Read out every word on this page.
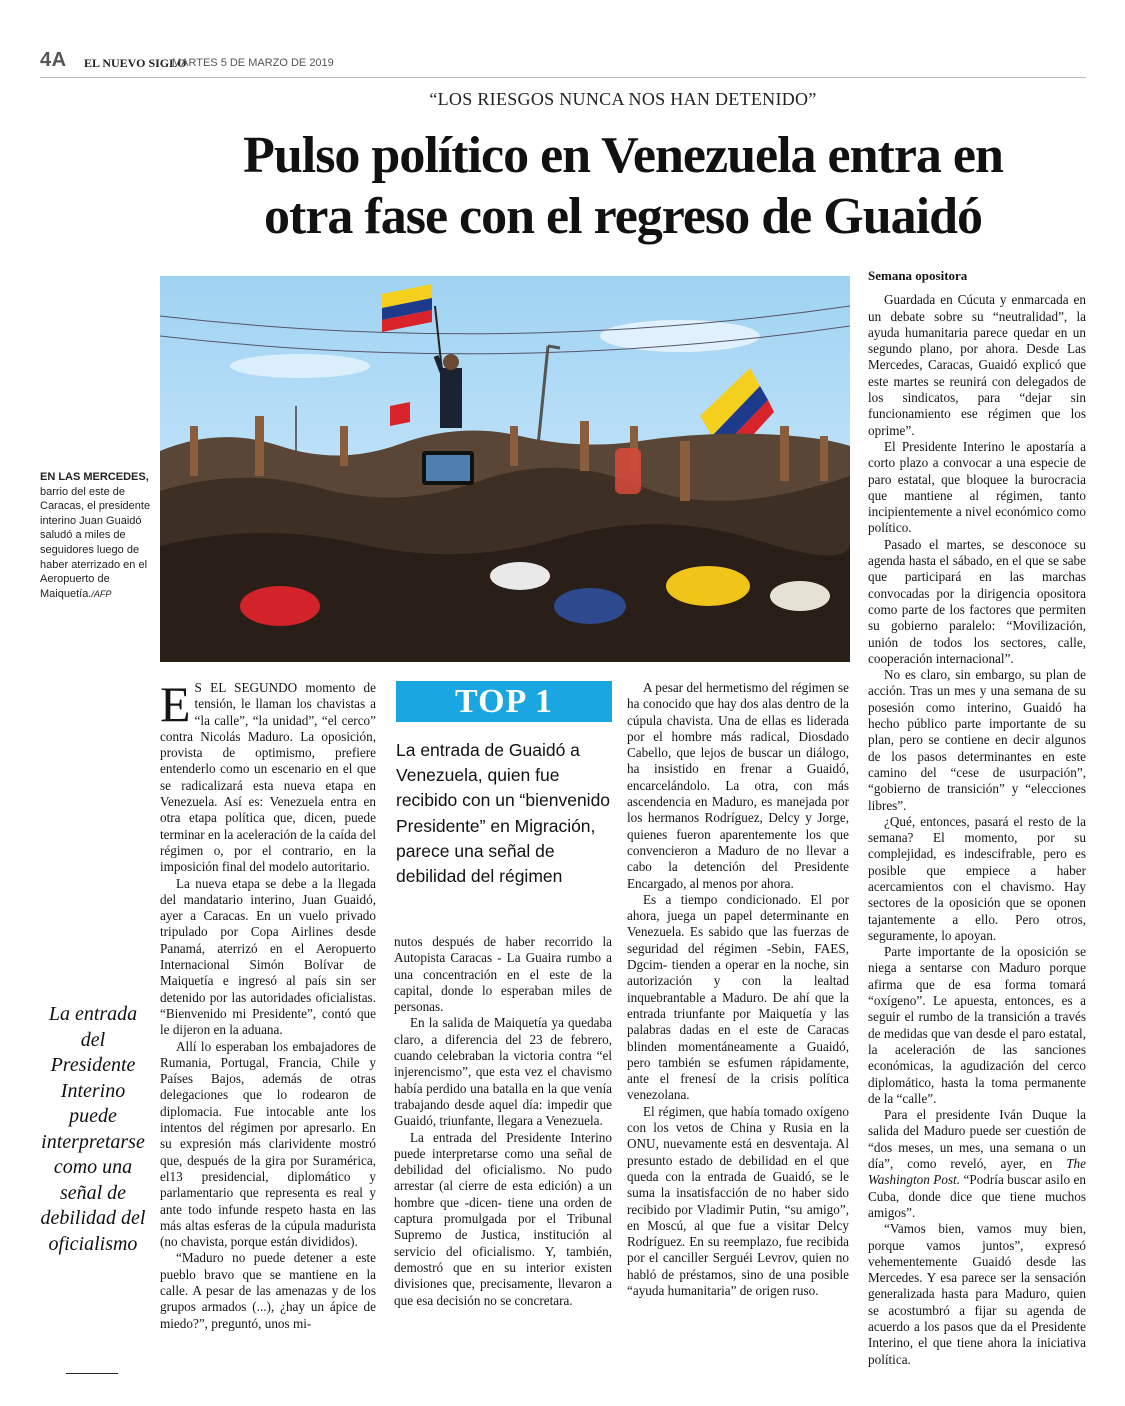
4A EL NUEVO SIGLO
MARTES 5 DE MARZO DE 2019
“LOS RIESGOS NUNCA NOS HAN DETENIDO”
Pulso político en Venezuela entra en
otra fase con el regreso de Guaidó
EN LAS MERCEDES, barrio del este de Caracas, el presidente interino Juan Guaidó saludó a miles de seguidores luego de haber aterrizado en el Aeropuerto de Maiquetía./AFP
La entrada del Presidente Interino puede interpretarse como una señal de debilidad del oficialismo

E S EL SEGUNDO momento de tensión, le llaman los chavistas a “la calle”, “la unidad”, “el cerco” contra Nicolás Maduro. La oposición, provista de optimismo, prefiere entenderlo como un escenario en el que se radicalizará esta nueva etapa en Venezuela. Así es: Venezuela entra en otra etapa política que, dicen, puede terminar en la aceleración de la caída del régimen o, por el contrario, en la imposición final del modelo autoritario.

La nueva etapa se debe a la llegada del mandatario interino, Juan Guaidó, ayer a Caracas. En un vuelo privado tripulado por Copa Airlines desde Panamá, aterrizó en el Aeropuerto Internacional Simón Bolívar de Maiquetía e ingresó al país sin ser detenido por las autoridades oficialistas. “Bienvenido mi Presidente”, contó que le dijeron en la aduana.

Allí lo esperaban los embajadores de Rumania, Portugal, Francia, Chile y Países Bajos, además de otras delegaciones que lo rodearon de diplomacia. Fue intocable ante los intentos del régimen por apresarlo. En su expresión más clarividente mostró que, después de la gira por Suramérica, el13 presidencial, diplomático y parlamentario que representa es real y ante todo infunde respeto hasta en las más altas esferas de la cúpula madurista (no chavista, porque están divididos).

“Maduro no puede detener a este pueblo bravo que se mantiene en la calle. A pesar de las amenazas y de los grupos armados (...), ¿hay un ápice de miedo?”, preguntó, unos mi-

TOP 1
La entrada de Guaidó a Venezuela, quien fue recibido con un “bienvenido Presidente” en Migración, parece una señal de debilidad del régimen

nutos después de haber recorrido la Autopista Caracas - La Guaira rumbo a una concentración en el este de la capital, donde lo esperaban miles de personas.

En la salida de Maiquetía ya quedaba claro, a diferencia del 23 de febrero, cuando celebraban la victoria contra “el injerencismo”, que esta vez el chavismo había perdido una batalla en la que venía trabajando desde aquel día: impedir que Guaidó, triunfante, llegara a Venezuela.

La entrada del Presidente Interino puede interpretarse como una señal de debilidad del oficialismo. No pudo arrestar (al cierre de esta edición) a un hombre que -dicen- tiene una orden de captura promulgada por el Tribunal Supremo de Justica, institución al servicio del oficialismo. Y, también, demostró que en su interior existen divisiones que, precisamente, llevaron a que esa decisión no se concretara.

A pesar del hermetismo del régimen se ha conocido que hay dos alas dentro de la cúpula chavista. Una de ellas es liderada por el hombre más radical, Diosdado Cabello, que lejos de buscar un diálogo, ha insistido en frenar a Guaidó, encarcelándolo. La otra, con más ascendencia en Maduro, es manejada por los hermanos Rodríguez, Delcy y Jorge, quienes fueron aparentemente los que convencieron a Maduro de no llevar a cabo la detención del Presidente Encargado, al menos por ahora.

Es a tiempo condicionado. El por ahora, juega un papel determinante en Venezuela. Es sabido que las fuerzas de seguridad del régimen -Sebin, FAES, Dgcim- tienden a operar en la noche, sin autorización y con la lealtad inquebrantable a Maduro. De ahí que la entrada triunfante por Maiquetía y las palabras dadas en el este de Caracas blinden momentáneamente a Guaidó, pero también se esfumen rápidamente, ante el frenesí de la crisis política venezolana.

El régimen, que había tomado oxígeno con los vetos de China y Rusia en la ONU, nuevamente está en desventaja. Al presunto estado de debilidad en el que queda con la entrada de Guaidó, se le suma la insatisfacción de no haber sido recibido por Vladimir Putin, “su amigo”, en Moscú, al que fue a visitar Delcy Rodríguez. En su reemplazo, fue recibida por el canciller Serguéi Levrov, quien no habló de préstamos, sino de una posible “ayuda humanitaria” de origen ruso.

Semana opositora

Guardada en Cúcuta y enmarcada en un debate sobre su “neutralidad”, la ayuda humanitaria parece quedar en un segundo plano, por ahora. Desde Las Mercedes, Caracas, Guaidó explicó que este martes se reunirá con delegados de los sindicatos, para “dejar sin funcionamiento ese régimen que los oprime”.

El Presidente Interino le apostaría a corto plazo a convocar a una especie de paro estatal, que bloquee la burocracia que mantiene al régimen, tanto incipientemente a nivel económico como político.

Pasado el martes, se desconoce su agenda hasta el sábado, en el que se sabe que participará en las marchas convocadas por la dirigencia opositora como parte de los factores que permiten su gobierno paralelo: “Movilización, unión de todos los sectores, calle, cooperación internacional”.

No es claro, sin embargo, su plan de acción. Tras un mes y una semana de su posesión como interino, Guaidó ha hecho público parte importante de su plan, pero se contiene en decir algunos de los pasos determinantes en este camino del “cese de usurpación”, “gobierno de transición” y “elecciones libres”.

¿Qué, entonces, pasará el resto de la semana? El momento, por su complejidad, es indescifrable, pero es posible que empiece a haber acercamientos con el chavismo. Hay sectores de la oposición que se oponen tajantemente a ello. Pero otros, seguramente, lo apoyan.

Parte importante de la oposición se niega a sentarse con Maduro porque afirma que de esa forma tomará “oxígeno”. Le apuesta, entonces, es a seguir el rumbo de la transición a través de medidas que van desde el paro estatal, la aceleración de las sanciones económicas, la agudización del cerco diplomático, hasta la toma permanente de la “calle”.

Para el presidente Iván Duque la salida del Maduro puede ser cuestión de “dos meses, un mes, una semana o un día”, como reveló, ayer, en The Washington Post. “Podría buscar asilo en Cuba, donde dice que tiene muchos amigos”.

“Vamos bien, vamos muy bien, porque vamos juntos”, expresó vehementemente Guaidó desde las Mercedes. Y esa parece ser la sensación generalizada hasta para Maduro, quien se acostumbró a fijar su agenda de acuerdo a los pasos que da el Presidente Interino, el que tiene ahora la iniciativa política.
